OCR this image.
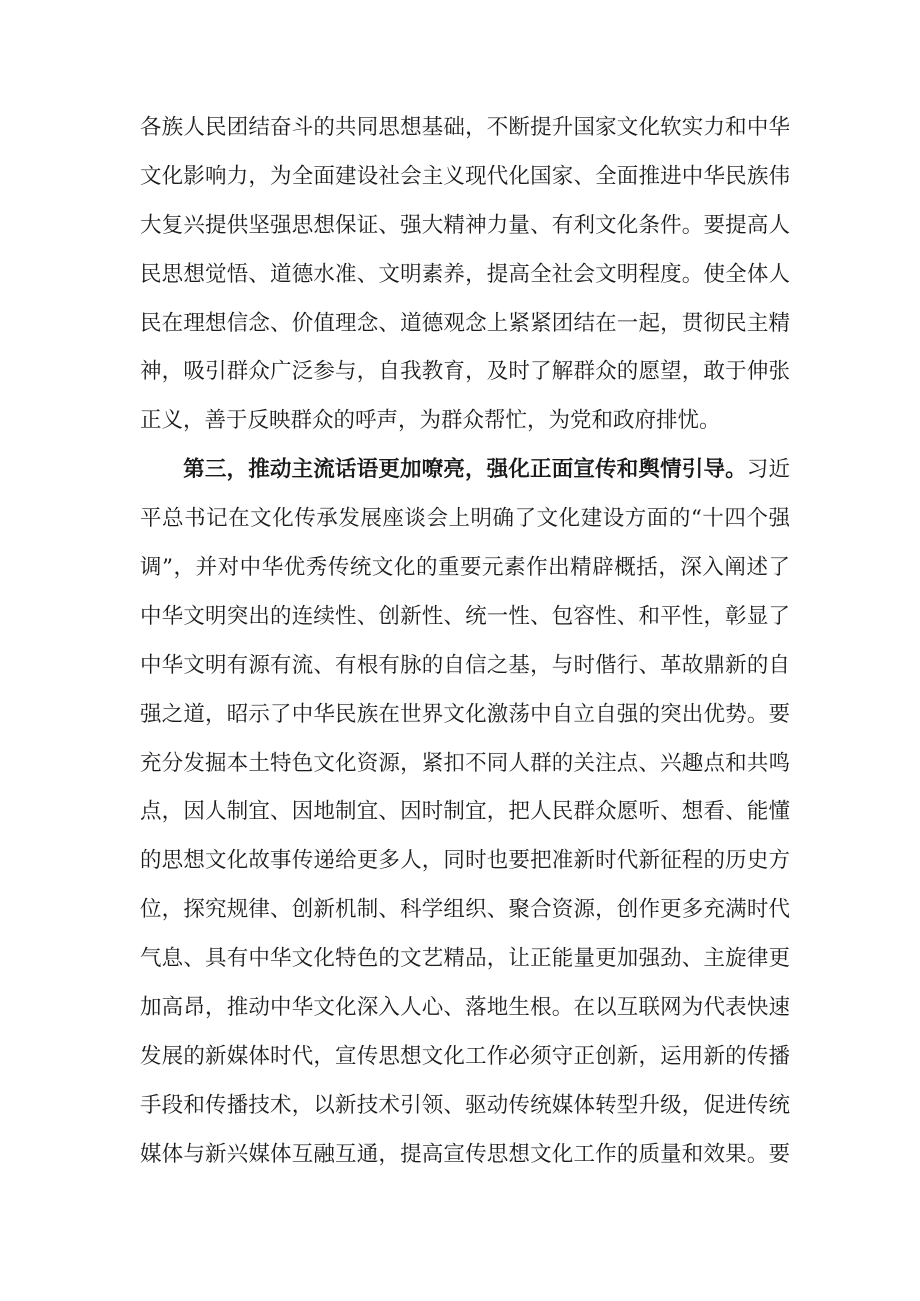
各族人民团结奋斗的共同思想基础，不断提升国家文化软实力和中华
文化影响力，为全面建设社会主义现代化国家、全面推进中华民族伟
大复兴提供坚强思想保证、强大精神力量、有利文化条件。要提高人
民思想觉悟、道德水准、文明素养，提高全社会文明程度。使全体人
民在理想信念、价值理念、道德观念上紧紧团结在一起，贯彻民主精
神，吸引群众广泛参与，自我教育，及时了解群众的愿望，敢于伸张
正义，善于反映群众的呼声，为群众帮忙，为党和政府排忧。
第三，推动主流话语更加嘹亮，强化正面宣传和舆情引导。习近
平总书记在文化传承发展座谈会上明确了文化建设方面的“十四个强
调”，并对中华优秀传统文化的重要元素作出精辟概括，深入阐述了
中华文明突出的连续性、创新性、统一性、包容性、和平性，彰显了
中华文明有源有流、有根有脉的自信之基，与时偕行、革故鼎新的自
强之道，昭示了中华民族在世界文化激荡中自立自强的突出优势。要
充分发掘本土特色文化资源，紧扣不同人群的关注点、兴趣点和共鸣
点，因人制宜、因地制宜、因时制宜，把人民群众愿听、想看、能懂
的思想文化故事传递给更多人，同时也要把准新时代新征程的历史方
位，探究规律、创新机制、科学组织、聚合资源，创作更多充满时代
气息、具有中华文化特色的文艺精品，让正能量更加强劲、主旋律更
加高昂，推动中华文化深入人心、落地生根。在以互联网为代表快速
发展的新媒体时代，宣传思想文化工作必须守正创新，运用新的传播
手段和传播技术，以新技术引领、驱动传统媒体转型升级，促进传统
媒体与新兴媒体互融互通，提高宣传思想文化工作的质量和效果。要
